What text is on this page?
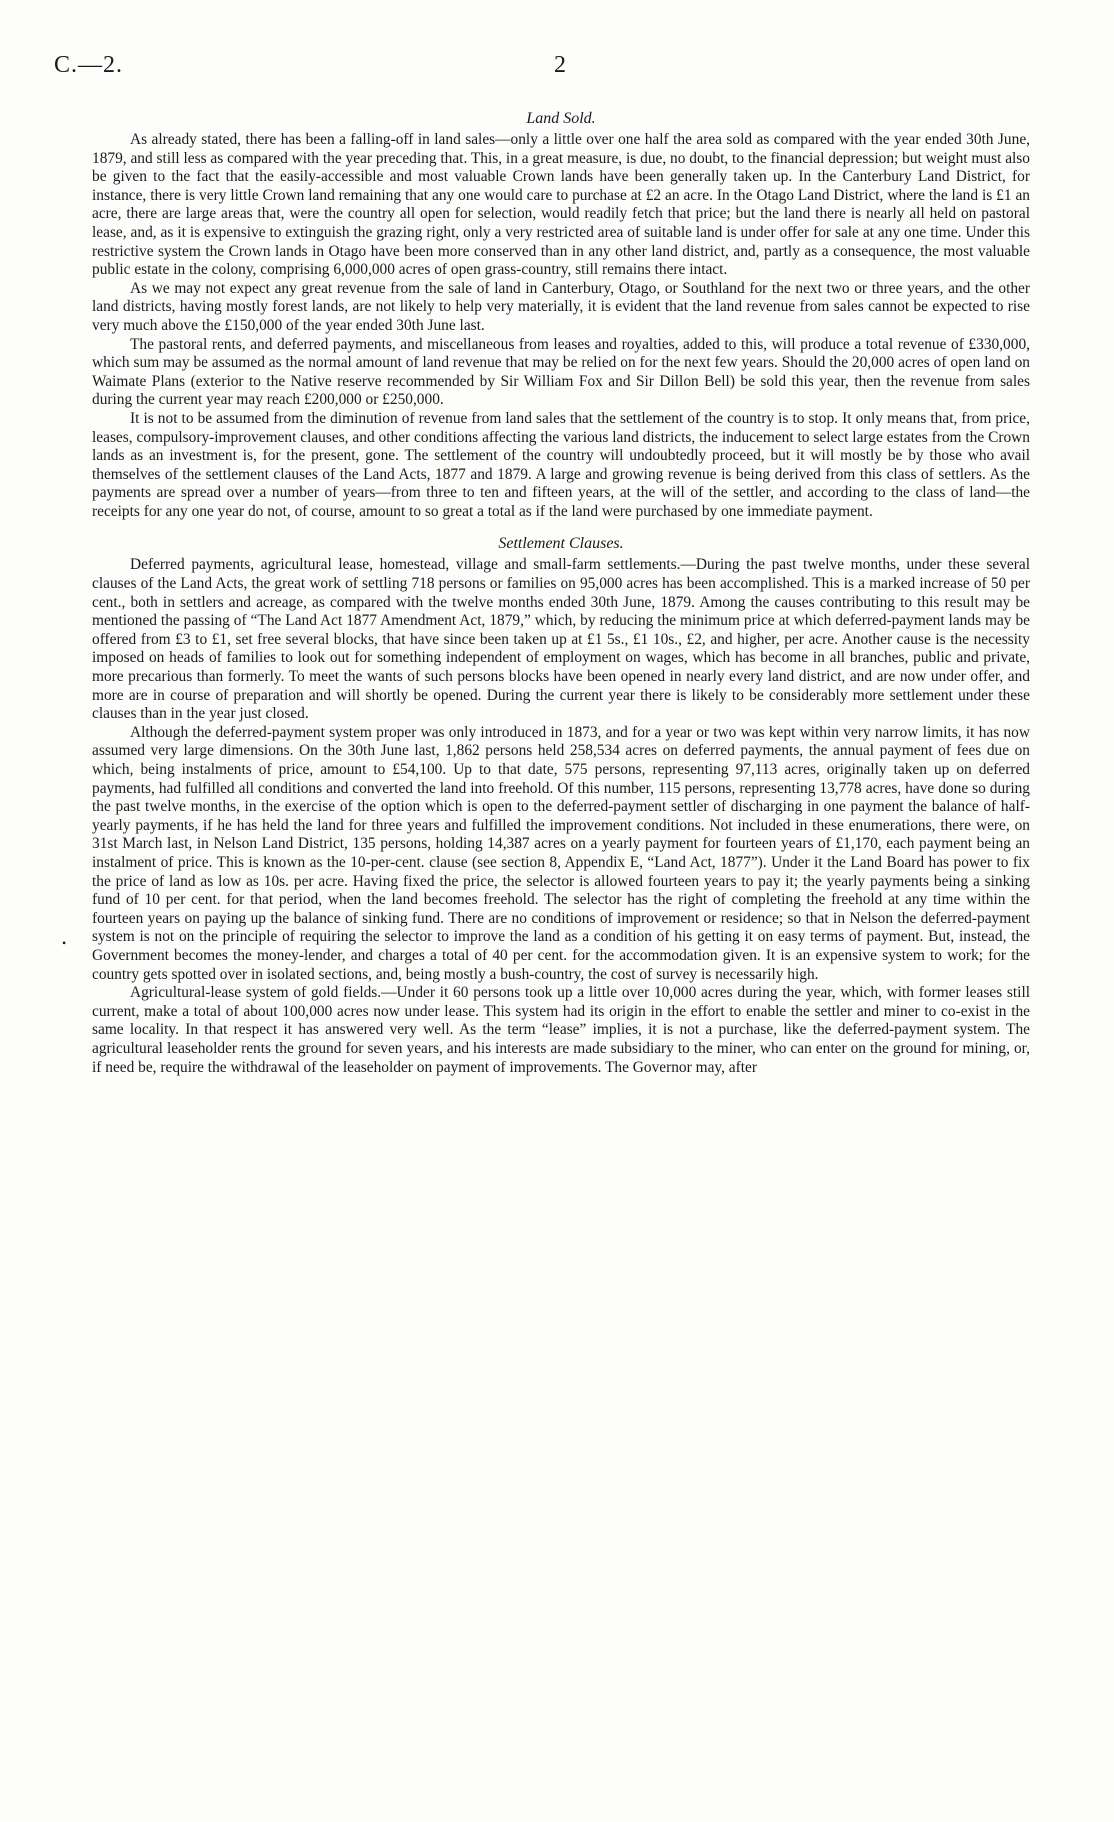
C.—2.	2
•
Land Sold.

As already stated, there has been a falling-off in land sales—only a little over one half the area sold as compared with the year ended 30th June, 1879, and still less as compared with the year preceding that. This, in a great measure, is due, no doubt, to the financial depression; but weight must also be given to the fact that the easily-accessible and most valuable Crown lands have been generally taken up. In the Canterbury Land District, for instance, there is very little Crown land remaining that any one would care to purchase at £2 an acre. In the Otago Land District, where the land is £1 an acre, there are large areas that, were the country all open for selection, would readily fetch that price; but the land there is nearly all held on pastoral lease, and, as it is expensive to extinguish the grazing right, only a very restricted area of suitable land is under offer for sale at any one time. Under this restrictive system the Crown lands in Otago have been more conserved than in any other land district, and, partly as a consequence, the most valuable public estate in the colony, comprising 6,000,000 acres of open grass-country, still remains there intact.

As we may not expect any great revenue from the sale of land in Canterbury, Otago, or Southland for the next two or three years, and the other land districts, having mostly forest lands, are not likely to help very materially, it is evident that the land revenue from sales cannot be expected to rise very much above the £150,000 of the year ended 30th June last.

The pastoral rents, and deferred payments, and miscellaneous from leases and royalties, added to this, will produce a total revenue of £330,000, which sum may be assumed as the normal amount of land revenue that may be relied on for the next few years. Should the 20,000 acres of open land on Waimate Plans (exterior to the Native reserve recommended by Sir William Fox and Sir Dillon Bell) be sold this year, then the revenue from sales during the current year may reach £200,000 or £250,000.

It is not to be assumed from the diminution of revenue from land sales that the settlement of the country is to stop. It only means that, from price, leases, compulsory-improvement clauses, and other conditions affecting the various land districts, the inducement to select large estates from the Crown lands as an investment is, for the present, gone. The settlement of the country will undoubtedly proceed, but it will mostly be by those who avail themselves of the settlement clauses of the Land Acts, 1877 and 1879. A large and growing revenue is being derived from this class of settlers. As the payments are spread over a number of years—from three to ten and fifteen years, at the will of the settler, and according to the class of land—the receipts for any one year do not, of course, amount to so great a total as if the land were purchased by one immediate payment.

Settlement Clauses.

Deferred payments, agricultural lease, homestead, village and small-farm settlements.—During the past twelve months, under these several clauses of the Land Acts, the great work of settling 718 persons or families on 95,000 acres has been accomplished. This is a marked increase of 50 per cent., both in settlers and acreage, as compared with the twelve months ended 30th June, 1879. Among the causes contributing to this result may be mentioned the passing of “The Land Act 1877 Amendment Act, 1879,” which, by reducing the minimum price at which deferred-payment lands may be offered from £3 to £1, set free several blocks, that have since been taken up at £1 5s., £1 10s., £2, and higher, per acre. Another cause is the necessity imposed on heads of families to look out for something independent of employment on wages, which has become in all branches, public and private, more precarious than formerly. To meet the wants of such persons blocks have been opened in nearly every land district, and are now under offer, and more are in course of preparation and will shortly be opened. During the current year there is likely to be considerably more settlement under these clauses than in the year just closed.

Although the deferred-payment system proper was only introduced in 1873, and for a year or two was kept within very narrow limits, it has now assumed very large dimensions. On the 30th June last, 1,862 persons held 258,534 acres on deferred payments, the annual payment of fees due on which, being instalments of price, amount to £54,100. Up to that date, 575 persons, representing 97,113 acres, originally taken up on deferred payments, had fulfilled all conditions and converted the land into freehold. Of this number, 115 persons, representing 13,778 acres, have done so during the past twelve months, in the exercise of the option which is open to the deferred-payment settler of discharging in one payment the balance of half-yearly payments, if he has held the land for three years and fulfilled the improvement conditions. Not included in these enumerations, there were, on 31st March last, in Nelson Land District, 135 persons, holding 14,387 acres on a yearly payment for fourteen years of £1,170, each payment being an instalment of price. This is known as the 10-per-cent. clause (see section 8, Appendix E, “Land Act, 1877”). Under it the Land Board has power to fix the price of land as low as 10s. per acre. Having fixed the price, the selector is allowed fourteen years to pay it; the yearly payments being a sinking fund of 10 per cent. for that period, when the land becomes freehold. The selector has the right of completing the freehold at any time within the fourteen years on paying up the balance of sinking fund. There are no conditions of improvement or residence; so that in Nelson the deferred-payment system is not on the principle of requiring the selector to improve the land as a condition of his getting it on easy terms of payment. But, instead, the Government becomes the money-lender, and charges a total of 40 per cent. for the accommodation given. It is an expensive system to work; for the country gets spotted over in isolated sections, and, being mostly a bush-country, the cost of survey is necessarily high.

Agricultural-lease system of gold fields.—Under it 60 persons took up a little over 10,000 acres during the year, which, with former leases still current, make a total of about 100,000 acres now under lease. This system had its origin in the effort to enable the settler and miner to co-exist in the same locality. In that respect it has answered very well. As the term “lease” implies, it is not a purchase, like the deferred-payment system. The agricultural leaseholder rents the ground for seven years, and his interests are made subsidiary to the miner, who can enter on the ground for mining, or, if need be, require the withdrawal of the leaseholder on payment of improvements. The Governor may, after
